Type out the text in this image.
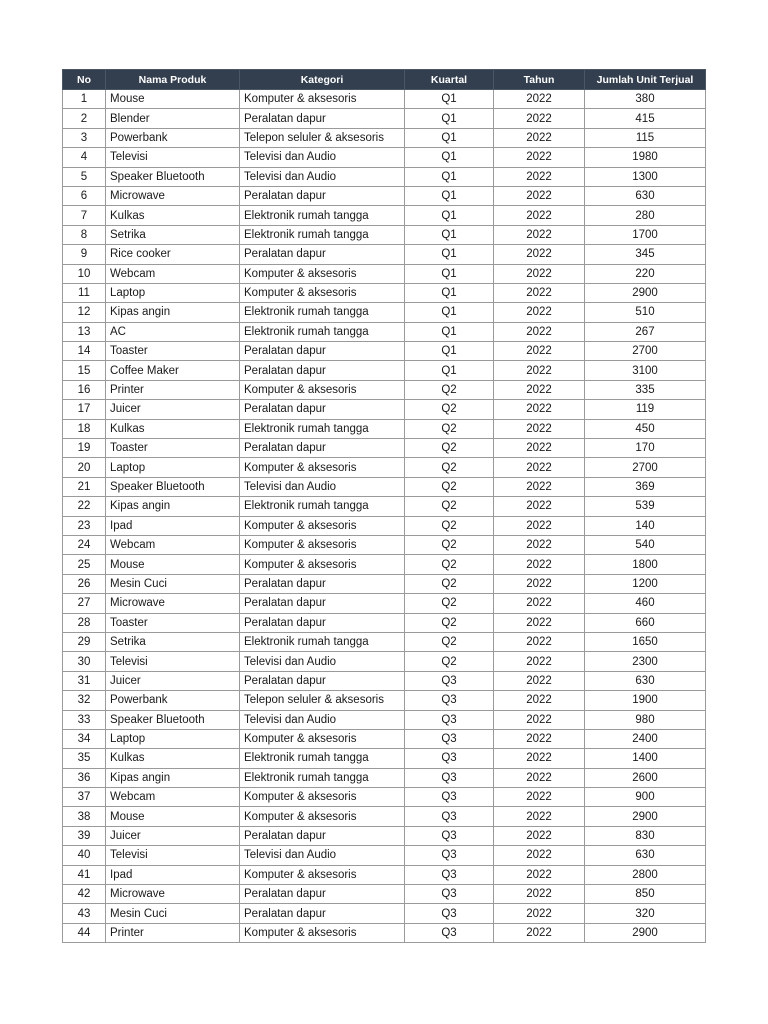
No	Nama Produk	Kategori	Kuartal	Tahun	Jumlah Unit Terjual
1	Mouse	Komputer & aksesoris	Q1	2022	380
2	Blender	Peralatan dapur	Q1	2022	415
3	Powerbank	Telepon seluler & aksesoris	Q1	2022	115
4	Televisi	Televisi dan Audio	Q1	2022	1980
5	Speaker Bluetooth	Televisi dan Audio	Q1	2022	1300
6	Microwave	Peralatan dapur	Q1	2022	630
7	Kulkas	Elektronik rumah tangga	Q1	2022	280
8	Setrika	Elektronik rumah tangga	Q1	2022	1700
9	Rice cooker	Peralatan dapur	Q1	2022	345
10	Webcam	Komputer & aksesoris	Q1	2022	220
11	Laptop	Komputer & aksesoris	Q1	2022	2900
12	Kipas angin	Elektronik rumah tangga	Q1	2022	510
13	AC	Elektronik rumah tangga	Q1	2022	267
14	Toaster	Peralatan dapur	Q1	2022	2700
15	Coffee Maker	Peralatan dapur	Q1	2022	3100
16	Printer	Komputer & aksesoris	Q2	2022	335
17	Juicer	Peralatan dapur	Q2	2022	119
18	Kulkas	Elektronik rumah tangga	Q2	2022	450
19	Toaster	Peralatan dapur	Q2	2022	170
20	Laptop	Komputer & aksesoris	Q2	2022	2700
21	Speaker Bluetooth	Televisi dan Audio	Q2	2022	369
22	Kipas angin	Elektronik rumah tangga	Q2	2022	539
23	Ipad	Komputer & aksesoris	Q2	2022	140
24	Webcam	Komputer & aksesoris	Q2	2022	540
25	Mouse	Komputer & aksesoris	Q2	2022	1800
26	Mesin Cuci	Peralatan dapur	Q2	2022	1200
27	Microwave	Peralatan dapur	Q2	2022	460
28	Toaster	Peralatan dapur	Q2	2022	660
29	Setrika	Elektronik rumah tangga	Q2	2022	1650
30	Televisi	Televisi dan Audio	Q2	2022	2300
31	Juicer	Peralatan dapur	Q3	2022	630
32	Powerbank	Telepon seluler & aksesoris	Q3	2022	1900
33	Speaker Bluetooth	Televisi dan Audio	Q3	2022	980
34	Laptop	Komputer & aksesoris	Q3	2022	2400
35	Kulkas	Elektronik rumah tangga	Q3	2022	1400
36	Kipas angin	Elektronik rumah tangga	Q3	2022	2600
37	Webcam	Komputer & aksesoris	Q3	2022	900
38	Mouse	Komputer & aksesoris	Q3	2022	2900
39	Juicer	Peralatan dapur	Q3	2022	830
40	Televisi	Televisi dan Audio	Q3	2022	630
41	Ipad	Komputer & aksesoris	Q3	2022	2800
42	Microwave	Peralatan dapur	Q3	2022	850
43	Mesin Cuci	Peralatan dapur	Q3	2022	320
44	Printer	Komputer & aksesoris	Q3	2022	2900
